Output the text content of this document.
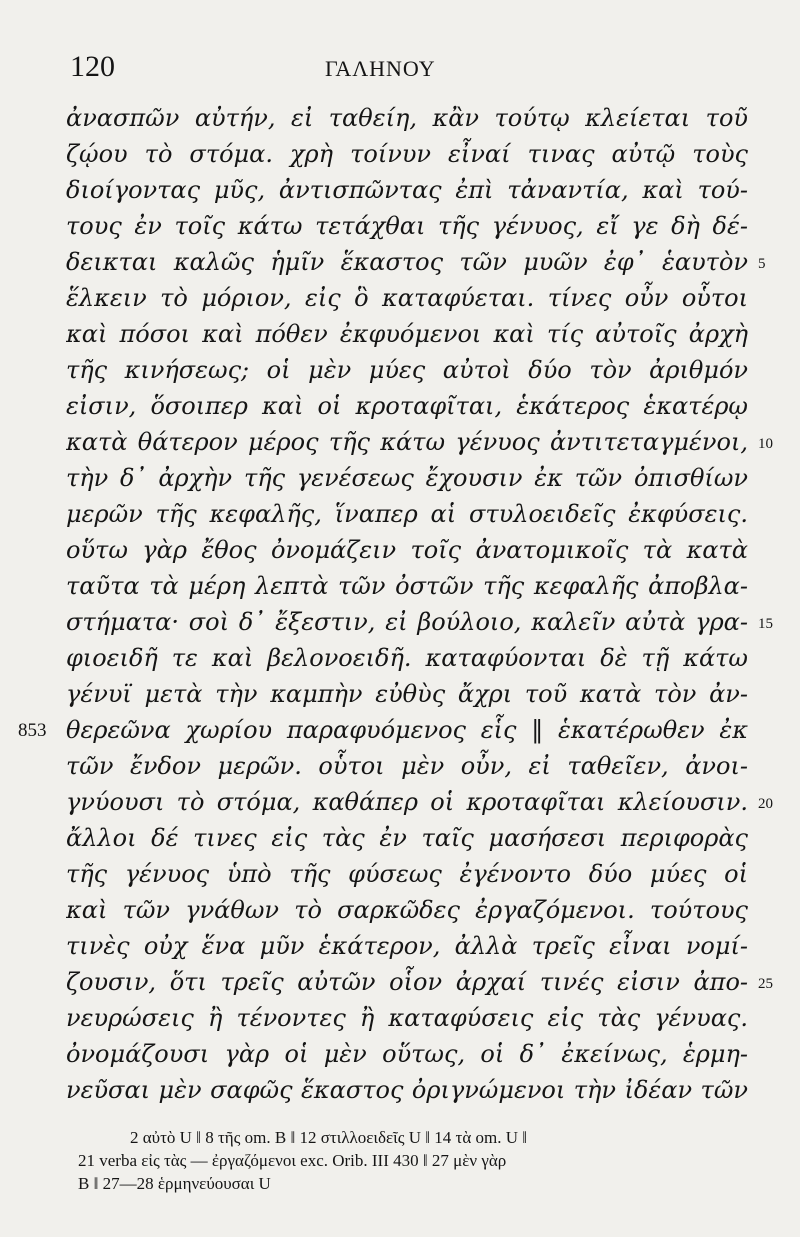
120	ΓΑΛΗΝΟΥ
ἀνασπῶν αὐτήν, εἰ ταθείη, κἂν τούτῳ κλείεται τοῦ
ζῴου τὸ στόμα. χρὴ τοίνυν εἶναί τινας αὐτῷ τοὺς
διοίγοντας μῦς, ἀντισπῶντας ἐπὶ τἀναντία, καὶ τού-
τους ἐν τοῖς κάτω τετάχθαι τῆς γένυος, εἴ γε δὴ δέ-
δεικται καλῶς ἡμῖν ἕκαστος τῶν μυῶν ἐφ᾿ ἑαυτὸν 5
ἕλκειν τὸ μόριον, εἰς ὃ καταφύεται. τίνες οὖν οὗτοι
καὶ πόσοι καὶ πόθεν ἐκφυόμενοι καὶ τίς αὐτοῖς ἀρχὴ
τῆς κινήσεως; οἱ μὲν μύες αὐτοὶ δύο τὸν ἀριθμόν
εἰσιν, ὅσοιπερ καὶ οἱ κροταφῖται, ἑκάτερος ἑκατέρῳ
κατὰ θάτερον μέρος τῆς κάτω γένυος ἀντιτεταγμένοι, 10
τὴν δ᾿ ἀρχὴν τῆς γενέσεως ἔχουσιν ἐκ τῶν ὀπισθίων
μερῶν τῆς κεφαλῆς, ἵναπερ αἱ στυλοειδεῖς ἐκφύσεις.
οὕτω γὰρ ἔθος ὀνομάζειν τοῖς ἀνατομικοῖς τὰ κατὰ
ταῦτα τὰ μέρη λεπτὰ τῶν ὀστῶν τῆς κεφαλῆς ἀποβλα-
στήματα· σοὶ δ᾿ ἔξεστιν, εἰ βούλοιο, καλεῖν αὐτὰ γρα- 15
φιοειδῆ τε καὶ βελονοειδῆ. καταφύονται δὲ τῇ κάτω
γένυϊ μετὰ τὴν καμπὴν εὐθὺς ἄχρι τοῦ κατὰ τὸν ἀν-
θερεῶνα χωρίου παραφυόμενος εἷς ‖ ἑκατέρωθεν ἐκ
853
τῶν ἔνδον μερῶν. οὗτοι μὲν οὖν, εἰ ταθεῖεν, ἀνοι-
γνύουσι τὸ στόμα, καθάπερ οἱ κροταφῖται κλείουσιν. 20
ἄλλοι δέ τινες εἰς τὰς ἐν ταῖς μασήσεσι περιφορὰς
τῆς γένυος ὑπὸ τῆς φύσεως ἐγένοντο δύο μύες οἱ
καὶ τῶν γνάθων τὸ σαρκῶδες ἐργαζόμενοι. τούτους
τινὲς οὐχ ἕνα μῦν ἑκάτερον, ἀλλὰ τρεῖς εἶναι νομί-
ζουσιν, ὅτι τρεῖς αὐτῶν οἷον ἀρχαί τινές εἰσιν ἀπο- 25
νευρώσεις ἢ τένοντες ἢ καταφύσεις εἰς τὰς γένυας.
ὀνομάζουσι γὰρ οἱ μὲν οὕτως, οἱ δ᾿ ἐκείνως, ἑρμη-
νεῦσαι μὲν σαφῶς ἕκαστος ὀριγνώμενοι τὴν ἰδέαν τῶν
2 αὐτὸ U ‖ 8 τῆς om. B ‖ 12 στιλλοειδεῖς U ‖ 14 τὰ om. U ‖
21 verba εἰς τὰς — ἐργαζόμενοι exc. Orib. III 430 ‖ 27 μὲν γὰρ
B ‖ 27—28 ἑρμηνεύουσαι U
